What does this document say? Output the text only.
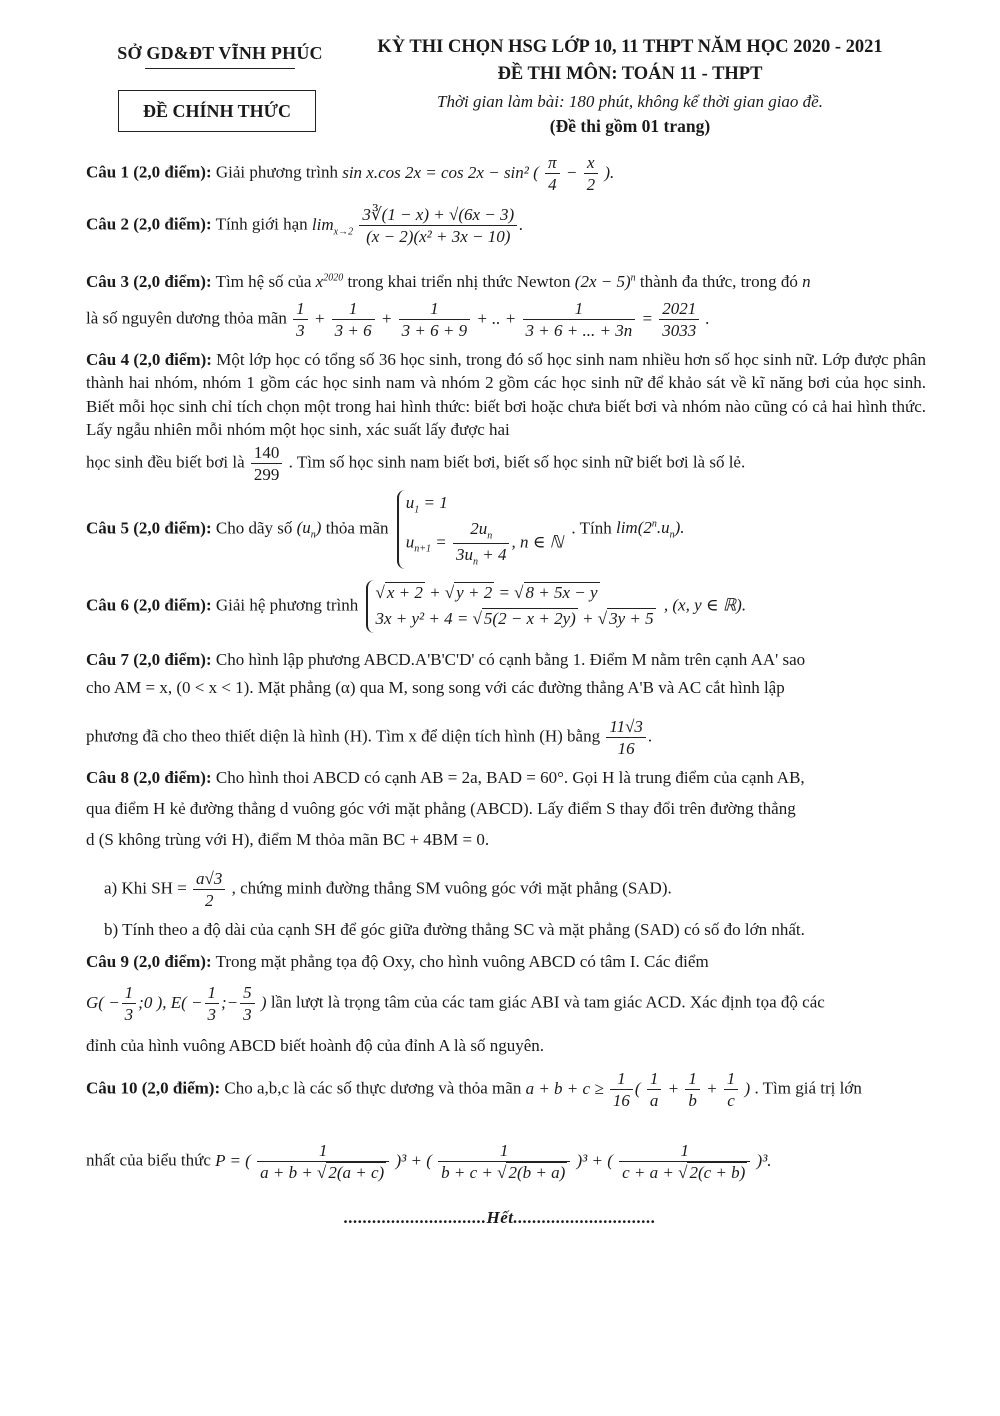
SỞ GD&ĐT VĨNH PHÚC
ĐỀ CHÍNH THỨC
KỲ THI CHỌN HSG LỚP 10, 11 THPT NĂM HỌC 2020 - 2021
ĐỀ THI MÔN: TOÁN 11 - THPT
Thời gian làm bài: 180 phút, không kể thời gian giao đề.
(Đề thi gồm 01 trang)
Câu 1 (2,0 điểm): Giải phương trình sin x.cos 2x = cos 2x − sin² ( $\frac{\pi}{4} - \frac{x}{2}$ ).
Câu 2 (2,0 điểm): Tính giới hạn $\lim_{x\to 2} \frac{3∛(1 - x) + √(6x - 3)}{\text{(x − 2)(x² + 3x − 10)}}$ .
Câu 3 (2,0 điểm): Tìm hệ số của $x^{2020}$ trong khai triển nhị thức Newton $(2x - 5)^n$ thành đa thức, trong đó n
là số nguyên dương thỏa mãn $\frac{1}{3} + \frac{1}{3 + 6} + \frac{1}{3 + 6 + 9}$ + .. + $\frac{1}{3 + 6 + ... + 3n} = \frac{2021}{3033}$ .
Câu 4 (2,0 điểm): Một lớp học có tổng số 36 học sinh, trong đó số học sinh nam nhiều hơn số học sinh nữ. Lớp được phân thành hai nhóm, nhóm 1 gồm các học sinh nam và nhóm 2 gồm các học sinh nữ để khảo sát về kĩ năng bơi của học sinh. Biết mỗi học sinh chỉ tích chọn một trong hai hình thức: biết bơi hoặc chưa biết bơi và nhóm nào cũng có cả hai hình thức. Lấy ngẫu nhiên mỗi nhóm một học sinh, xác suất lấy được hai
học sinh đều biết bơi là $\frac{140}{299}$ . Tìm số học sinh nam biết bơi, biết số học sinh nữ biết bơi là số lẻ.
Câu 5 (2,0 điểm): Cho dãy số $(u_n)$ thỏa mãn
$u_1 = 1$
$u_{n+1} = \frac{2u_n}{3u_n + 4}$ , n ∈ ℕ
. Tính $\lim(2^n.u_n)$.
Câu 6 (2,0 điểm): Giải hệ phương trình
√ x + 2 + √ y + 2 = √ 8 + 5x − y
3x + y² + 4 = √ 5(2 − x + 2y) + √ 3y + 5
, (x, y ∈ ℝ).
Câu 7 (2,0 điểm): Cho hình lập phương ABCD.A'B'C'D' có cạnh bằng 1. Điểm M nằm trên cạnh AA' sao
cho AM = x, (0 < x < 1). Mặt phẳng (α) qua M, song song với các đường thẳng A'B và AC cắt hình lập
phương đã cho theo thiết diện là hình (H). Tìm x để diện tích hình (H) bằng $\frac{11√3}{16}$ .
Câu 8 (2,0 điểm): Cho hình thoi ABCD có cạnh AB = 2a, BAD = 60°. Gọi H là trung điểm của cạnh AB,
qua điểm H kẻ đường thẳng d vuông góc với mặt phẳng (ABCD). Lấy điểm S thay đổi trên đường thẳng
d (S không trùng với H), điểm M thỏa mãn BC + 4BM = 0.
a) Khi SH = $\frac{a√3}{2}$ , chứng minh đường thẳng SM vuông góc với mặt phẳng (SAD).
b) Tính theo a độ dài của cạnh SH để góc giữa đường thẳng SC và mặt phẳng (SAD) có số đo lớn nhất.
Câu 9 (2,0 điểm): Trong mặt phẳng tọa độ Oxy, cho hình vuông ABCD có tâm I. Các điểm
$G( - \frac{1}{3}$ ;0 ), $E( - \frac{1}{3}$ ;− $\frac{5}{3}$ ) lần lượt là trọng tâm của các tam giác ABI và tam giác ACD. Xác định tọa độ các
đỉnh của hình vuông ABCD biết hoành độ của đỉnh A là số nguyên.
Câu 10 (2,0 điểm): Cho a,b,c là các số thực dương và thỏa mãn $a + b + c \ge \frac{1}{16}$ ( $\frac{1}{a} + \frac{1}{b} + \frac{1}{c}$ ) . Tìm giá trị lớn
nhất của biểu thức P = ( $\frac{1}{a + b + √ 2(a + c)} )^3$ + ( $\frac{1}{b + c + √ 2(b + a)} )^3$ + ( $\frac{1}{c + a + √ 2(c + b)} )^3$.
..............................Hết..............................
